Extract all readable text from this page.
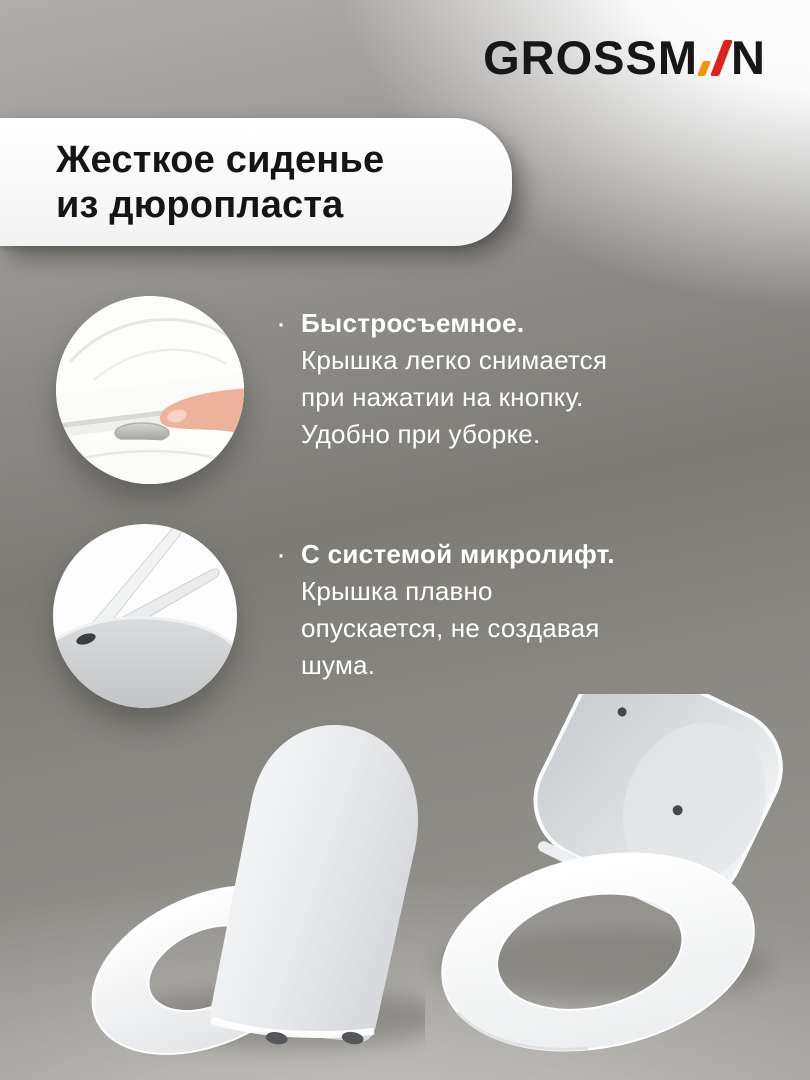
GROSSM N
Жесткое сиденье
из дюропласта
· Быстросъемное.
Крышка легко снимается
при нажатии на кнопку.
Удобно при уборке.
· С системой микролифт.
Крышка плавно
опускается, не создавая
шума.
